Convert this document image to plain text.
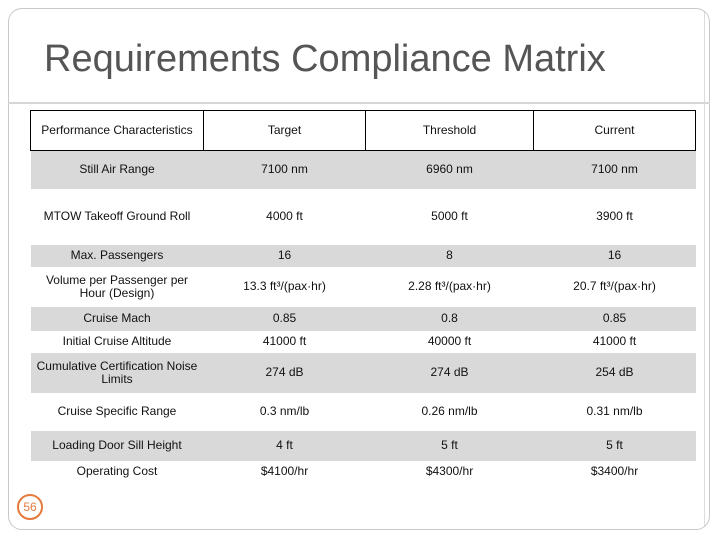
Requirements Compliance Matrix
Performance Characteristics	Target	Threshold	Current
Still Air Range	7100 nm	6960 nm	7100 nm
MTOW Takeoff Ground Roll	4000 ft	5000 ft	3900 ft
Max. Passengers	16	8	16
Volume per Passenger per Hour (Design)	13.3 ft³/(pax·hr)	2.28 ft³/(pax·hr)	20.7 ft³/(pax·hr)
Cruise Mach	0.85	0.8	0.85
Initial Cruise Altitude	41000 ft	40000 ft	41000 ft
Cumulative Certification Noise Limits	274 dB	274 dB	254 dB
Cruise Specific Range	0.3 nm/lb	0.26 nm/lb	0.31 nm/lb
Loading Door Sill Height	4 ft	5 ft	5 ft
Operating Cost	$4100/hr	$4300/hr	$3400/hr
56
